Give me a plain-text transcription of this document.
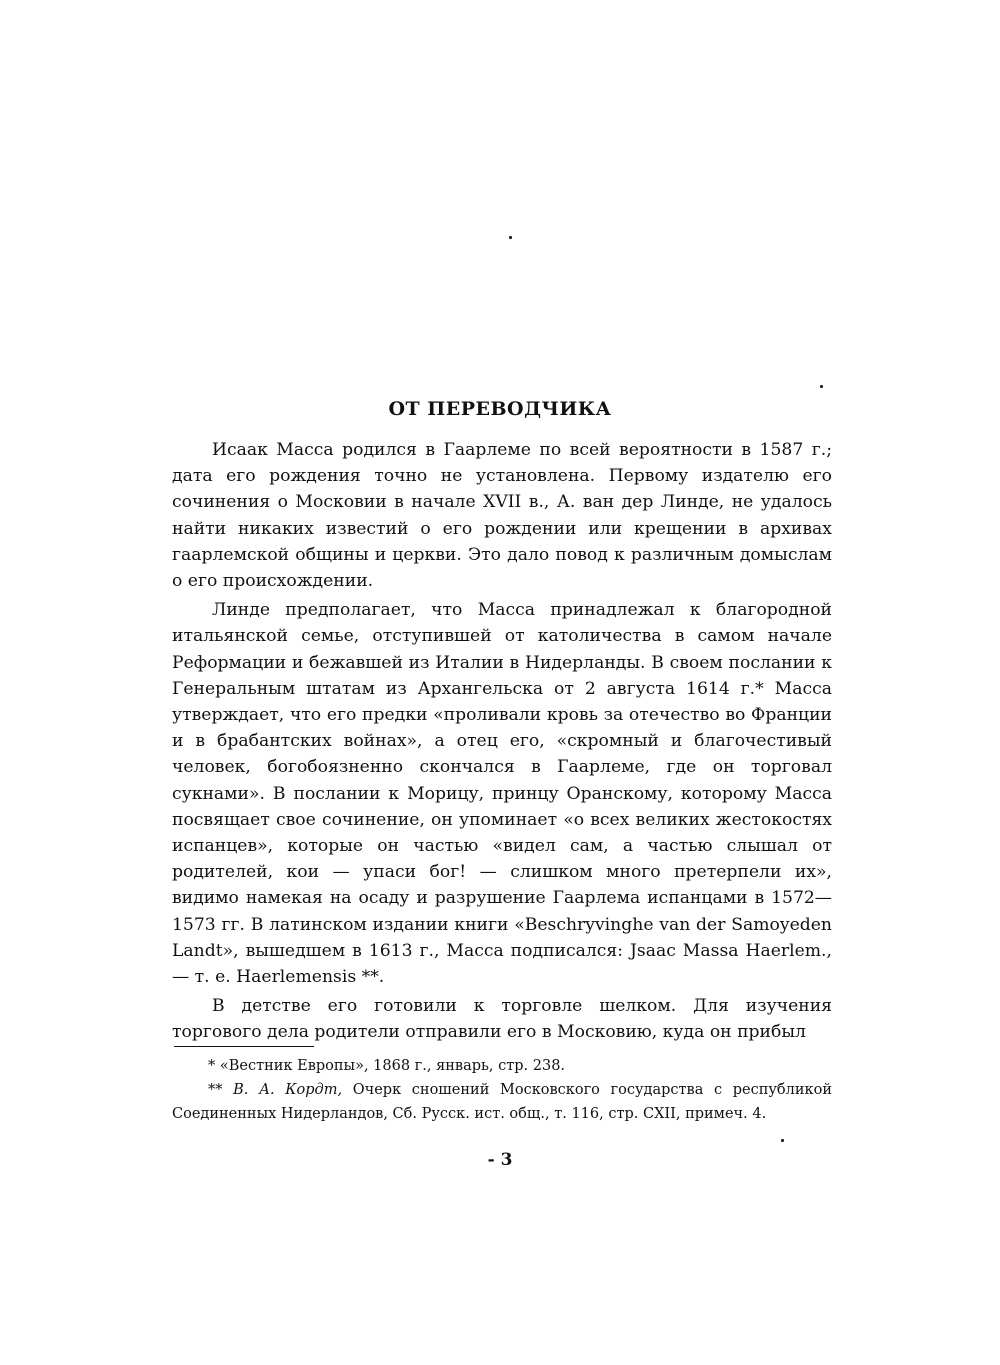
ОТ ПЕРЕВОДЧИКА

Исаак Масса родился в Гаарлеме по всей вероятности в 1587 г.; дата его рождения точно не установлена. Первому издателю его сочинения о Московии в начале XVII в., А. ван дер Линде, не удалось найти никаких известий о его рождении или крещении в архивах гаарлемской общины и церкви. Это дало повод к различным домыслам о его происхождении.

Линде предполагает, что Масса принадлежал к благородной итальянской семье, отступившей от католичества в самом начале Реформации и бежавшей из Италии в Нидерланды. В своем послании к Генеральным штатам из Архангельска от 2 августа 1614 г.* Масса утверждает, что его предки «проливали кровь за отечество во Франции и в брабантских войнах», а отец его, «скромный и благочестивый человек, богобоязненно скончался в Гаарлеме, где он торговал сукнами». В послании к Морицу, принцу Оранскому, которому Масса посвящает свое сочинение, он упоминает «о всех великих жестокостях испанцев», которые он частью «видел сам, а частью слышал от родителей, кои — упаси бог! — слишком много претерпели их», видимо намекая на осаду и разрушение Гаарлема испанцами в 1572—1573 гг. В латинском издании книги «Beschryvinghe van der Samoyeden Landt», вышедшем в 1613 г., Масса подписался: Jsaac Massa Haerlem., — т. е. Haerlemensis **.

В детстве его готовили к торговле шелком. Для изучения торгового дела родители отправили его в Московию, куда он прибыл

* «Вестник Европы», 1868 г., январь, стр. 238.

** В. А. Кордт, Очерк сношений Московского государства с республикой Соединенных Нидерландов, Сб. Русск. ист. общ., т. 116, стр. CXII, примеч. 4.

- 3
